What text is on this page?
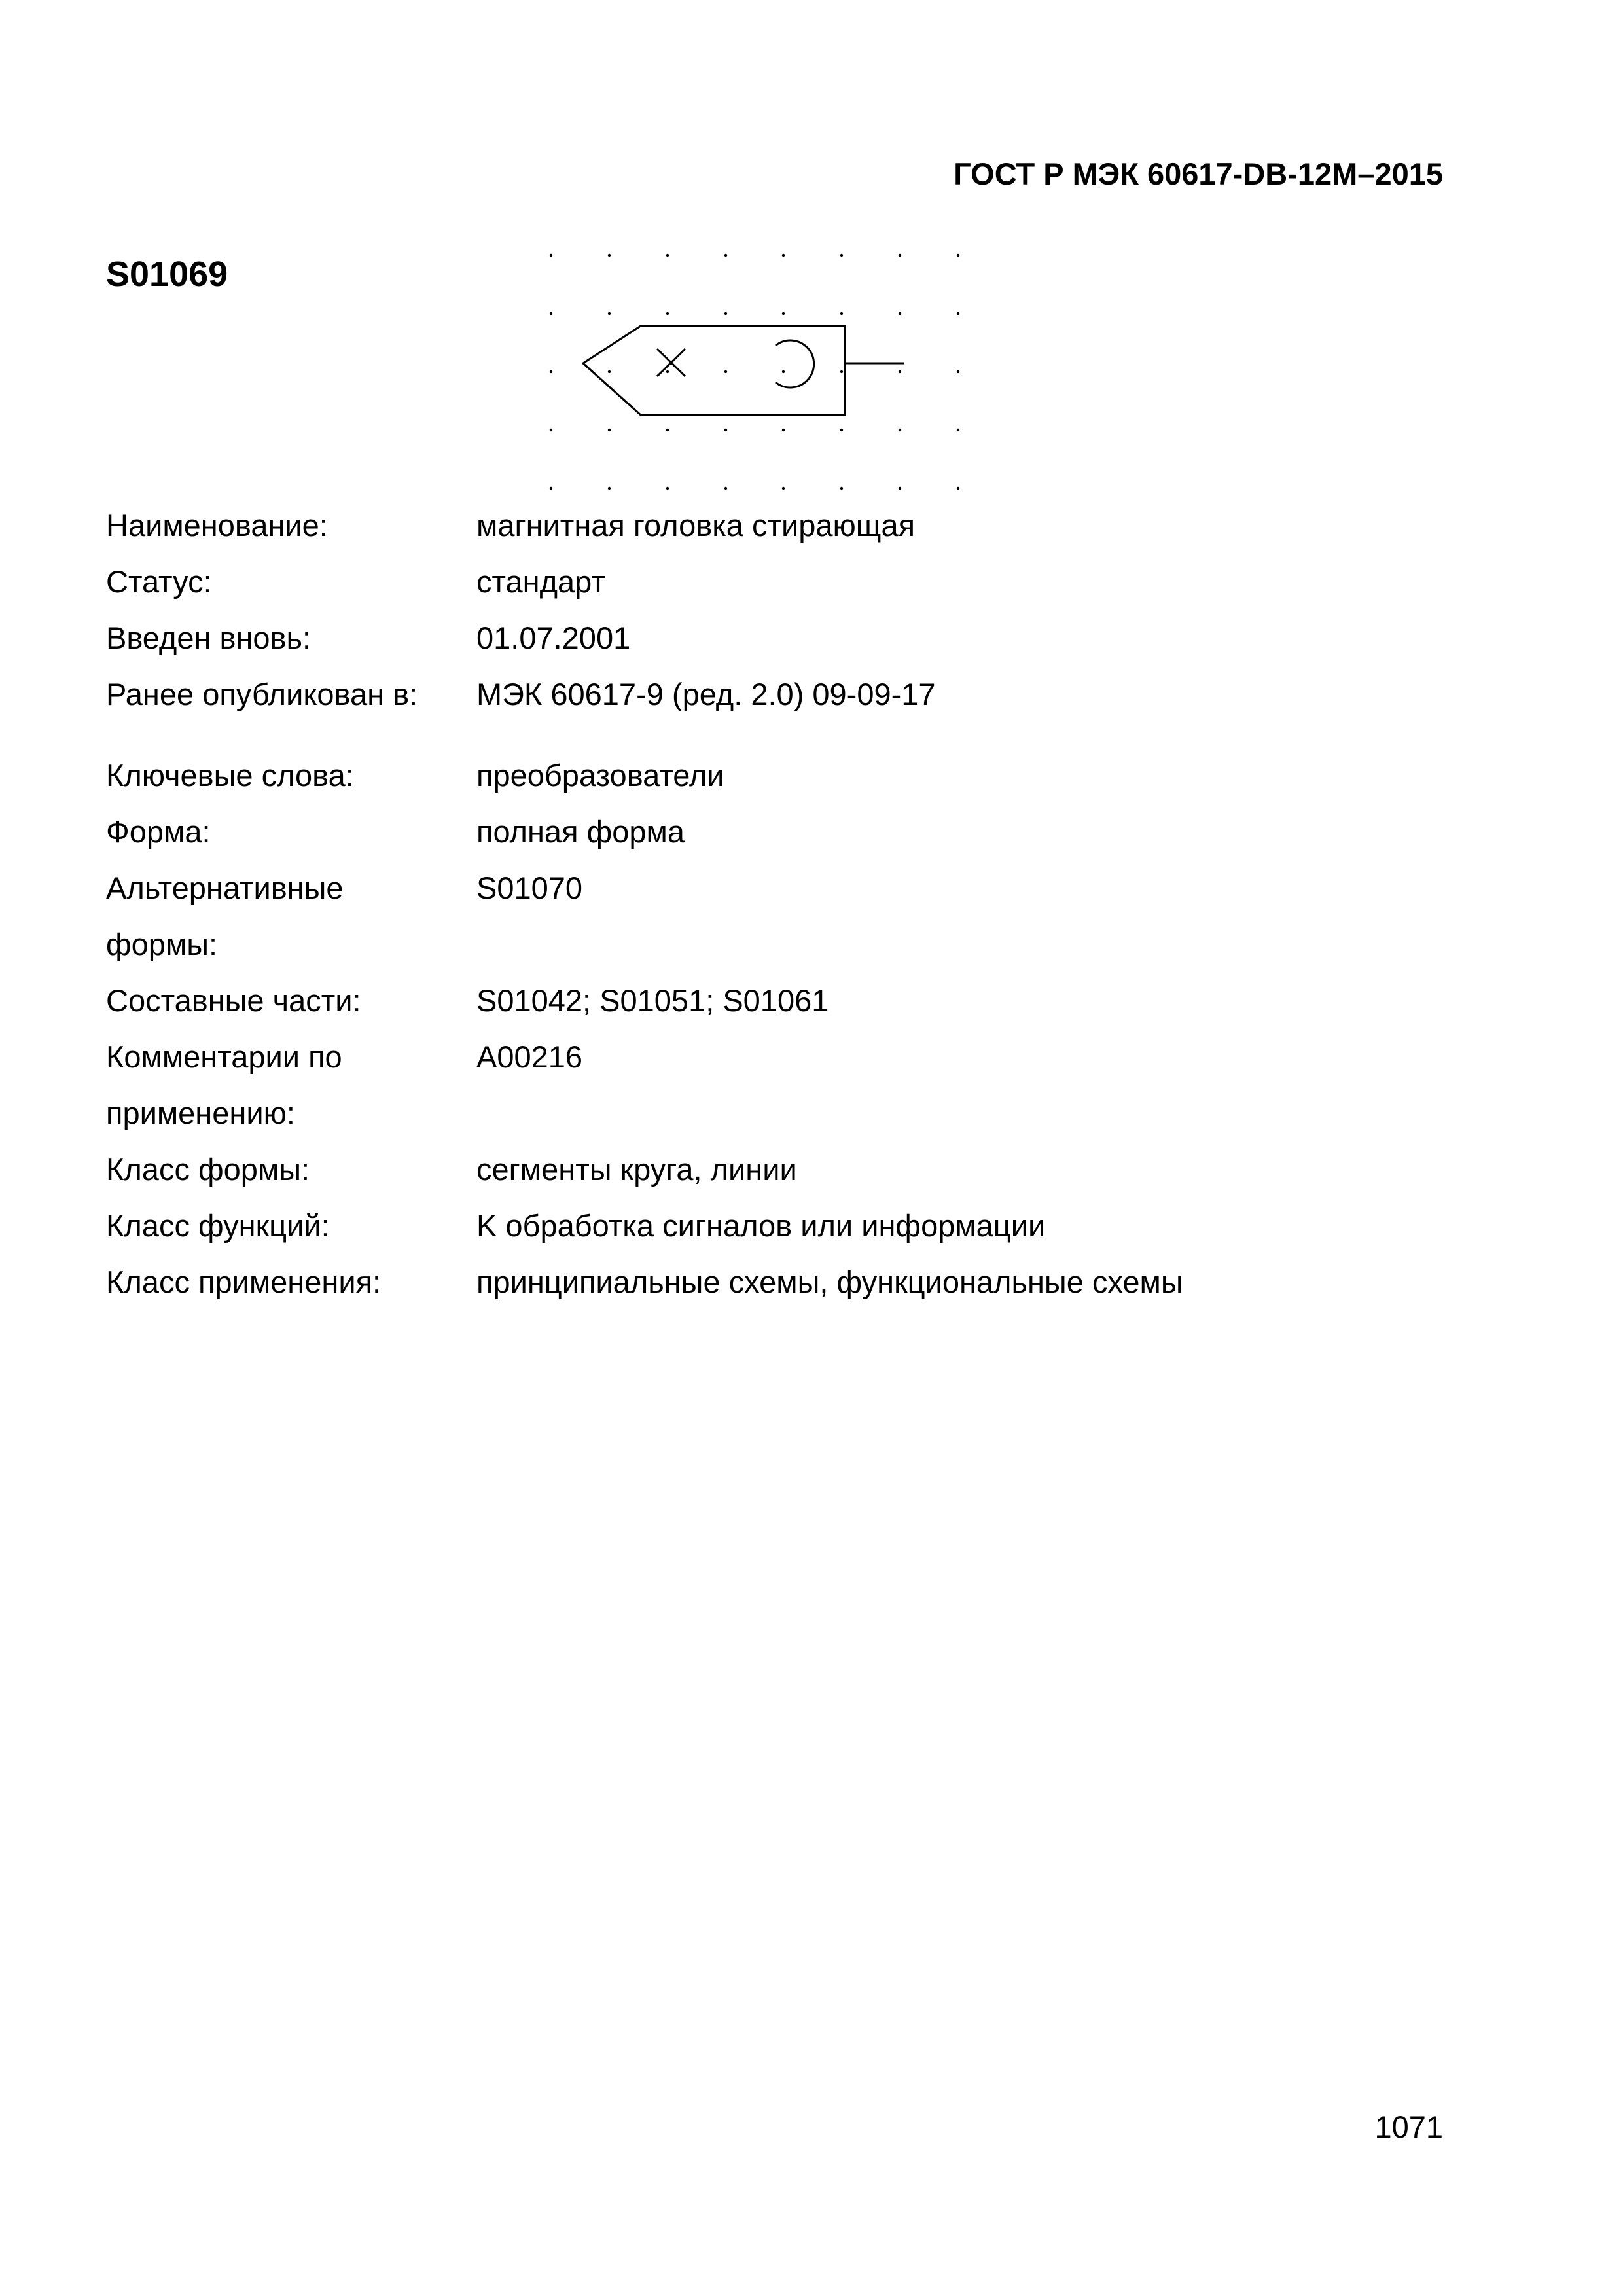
ГОСТ Р МЭК 60617-DB-12M–2015
S01069
Наименование:	магнитная головка стирающая
Статус:	стандарт
Введен вновь:	01.07.2001
Ранее опубликован в:	МЭК 60617-9 (ред. 2.0) 09-09-17
Ключевые слова:	преобразователи
Форма:	полная форма
Альтернативные	S01070
формы:
Составные части:	S01042; S01051; S01061
Комментарии по	A00216
применению:
Класс формы:	сегменты круга, линии
Класс функций:	K обработка сигналов или информации
Класс применения:	принципиальные схемы, функциональные схемы
1071
